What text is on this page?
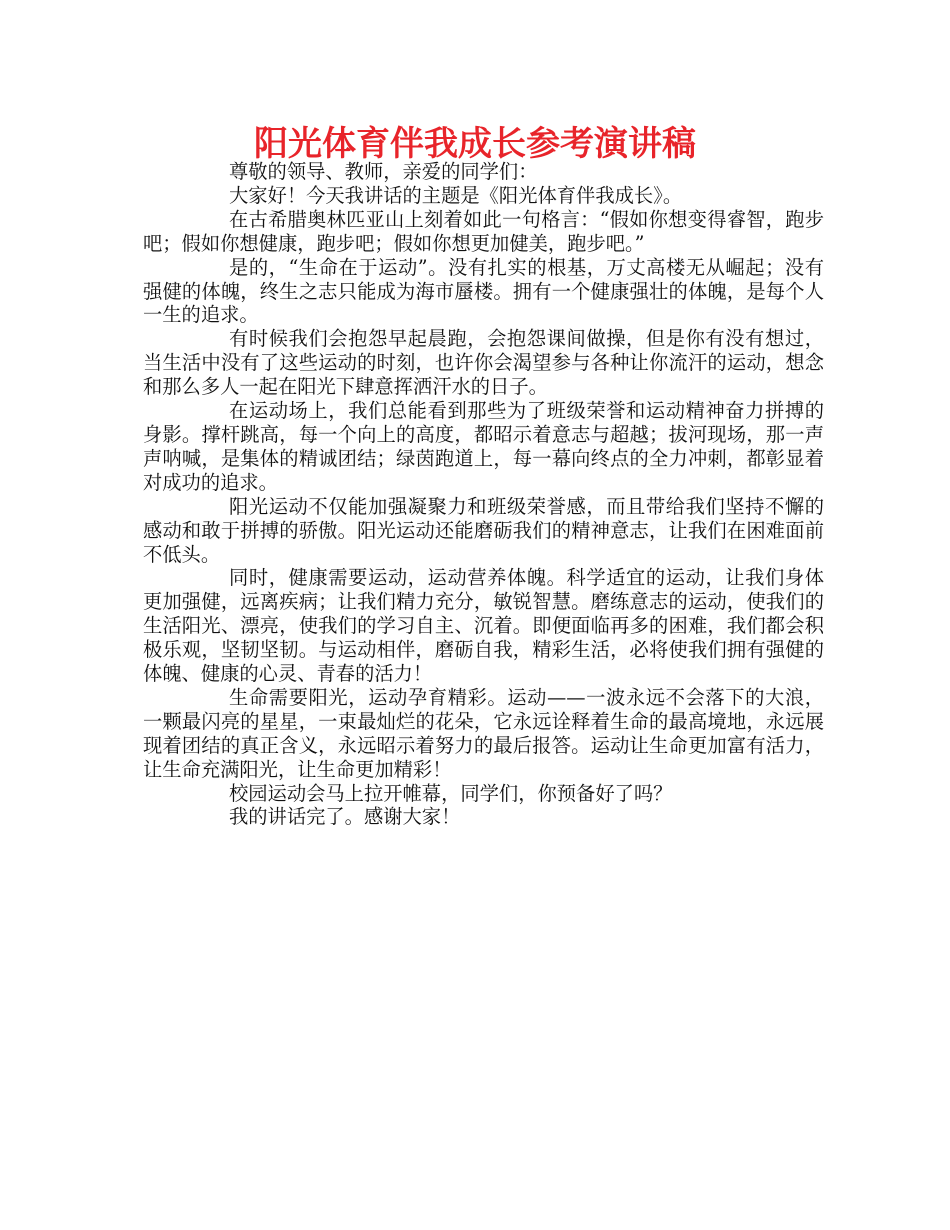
阳光体育伴我成长参考演讲稿

尊敬的领导、教师，亲爱的同学们：

大家好！今天我讲话的主题是《阳光体育伴我成长》。

在古希腊奥林匹亚山上刻着如此一句格言：“假如你想变得睿智，跑步吧；假如你想健康，跑步吧；假如你想更加健美，跑步吧。”

是的，“生命在于运动”。没有扎实的根基，万丈高楼无从崛起；没有强健的体魄，终生之志只能成为海市蜃楼。拥有一个健康强壮的体魄，是每个人一生的追求。

有时候我们会抱怨早起晨跑，会抱怨课间做操，但是你有没有想过，当生活中没有了这些运动的时刻，也许你会渴望参与各种让你流汗的运动，想念和那么多人一起在阳光下肆意挥洒汗水的日子。

在运动场上，我们总能看到那些为了班级荣誉和运动精神奋力拼搏的身影。撑杆跳高，每一个向上的高度，都昭示着意志与超越；拔河现场，那一声声呐喊，是集体的精诚团结；绿茵跑道上，每一幕向终点的全力冲刺，都彰显着对成功的追求。

阳光运动不仅能加强凝聚力和班级荣誉感，而且带给我们坚持不懈的感动和敢于拼搏的骄傲。阳光运动还能磨砺我们的精神意志，让我们在困难面前不低头。

同时，健康需要运动，运动营养体魄。科学适宜的运动，让我们身体更加强健，远离疾病；让我们精力充分，敏锐智慧。磨练意志的运动，使我们的生活阳光、漂亮，使我们的学习自主、沉着。即便面临再多的困难，我们都会积极乐观，坚韧坚韧。与运动相伴，磨砺自我，精彩生活，必将使我们拥有强健的体魄、健康的心灵、青春的活力！

生命需要阳光，运动孕育精彩。运动——一波永远不会落下的大浪，一颗最闪亮的星星，一束最灿烂的花朵，它永远诠释着生命的最高境地，永远展现着团结的真正含义，永远昭示着努力的最后报答。运动让生命更加富有活力，让生命充满阳光，让生命更加精彩！

校园运动会马上拉开帷幕，同学们，你预备好了吗？

我的讲话完了。感谢大家！
